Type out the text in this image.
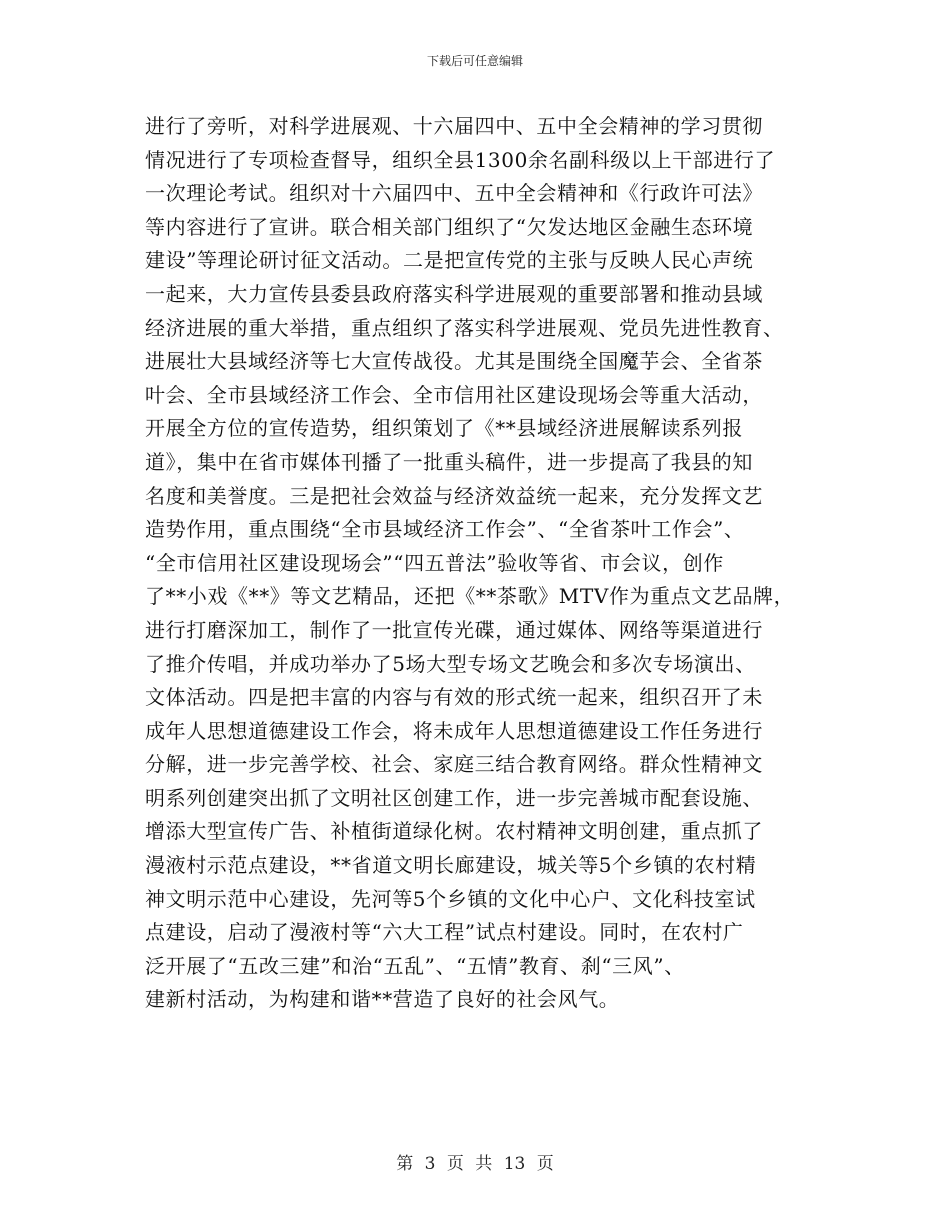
下载后可任意编辑
进行了旁听，对科学进展观、十六届四中、五中全会精神的学习贯彻
情况进行了专项检查督导，组织全县1300余名副科级以上干部进行了
一次理论考试。组织对十六届四中、五中全会精神和《行政许可法》
等内容进行了宣讲。联合相关部门组织了“欠发达地区金融生态环境
建设”等理论研讨征文活动。二是把宣传党的主张与反映人民心声统
一起来，大力宣传县委县政府落实科学进展观的重要部署和推动县域
经济进展的重大举措，重点组织了落实科学进展观、党员先进性教育、
进展壮大县域经济等七大宣传战役。尤其是围绕全国魔芋会、全省茶
叶会、全市县域经济工作会、全市信用社区建设现场会等重大活动，
开展全方位的宣传造势，组织策划了《**县域经济进展解读系列报
道》，集中在省市媒体刊播了一批重头稿件，进一步提高了我县的知
名度和美誉度。三是把社会效益与经济效益统一起来，充分发挥文艺
造势作用，重点围绕“全市县域经济工作会”、“全省茶叶工作会”、
“全市信用社区建设现场会”“四五普法”验收等省、市会议，创作
了**小戏《**》等文艺精品，还把《**茶歌》MTV作为重点文艺品牌，
进行打磨深加工，制作了一批宣传光碟，通过媒体、网络等渠道进行
了推介传唱，并成功举办了5场大型专场文艺晚会和多次专场演出、
文体活动。四是把丰富的内容与有效的形式统一起来，组织召开了未
成年人思想道德建设工作会，将未成年人思想道德建设工作任务进行
分解，进一步完善学校、社会、家庭三结合教育网络。群众性精神文
明系列创建突出抓了文明社区创建工作，进一步完善城市配套设施、
增添大型宣传广告、补植街道绿化树。农村精神文明创建，重点抓了
漫液村示范点建设，**省道文明长廊建设，城关等5个乡镇的农村精
神文明示范中心建设，先河等5个乡镇的文化中心户、文化科技室试
点建设，启动了漫液村等“六大工程”试点村建设。同时，在农村广
泛开展了“五改三建”和治“五乱”、“五情”教育、刹“三风”、
建新村活动，为构建和谐**营造了良好的社会风气。
第 3 页 共 13 页
